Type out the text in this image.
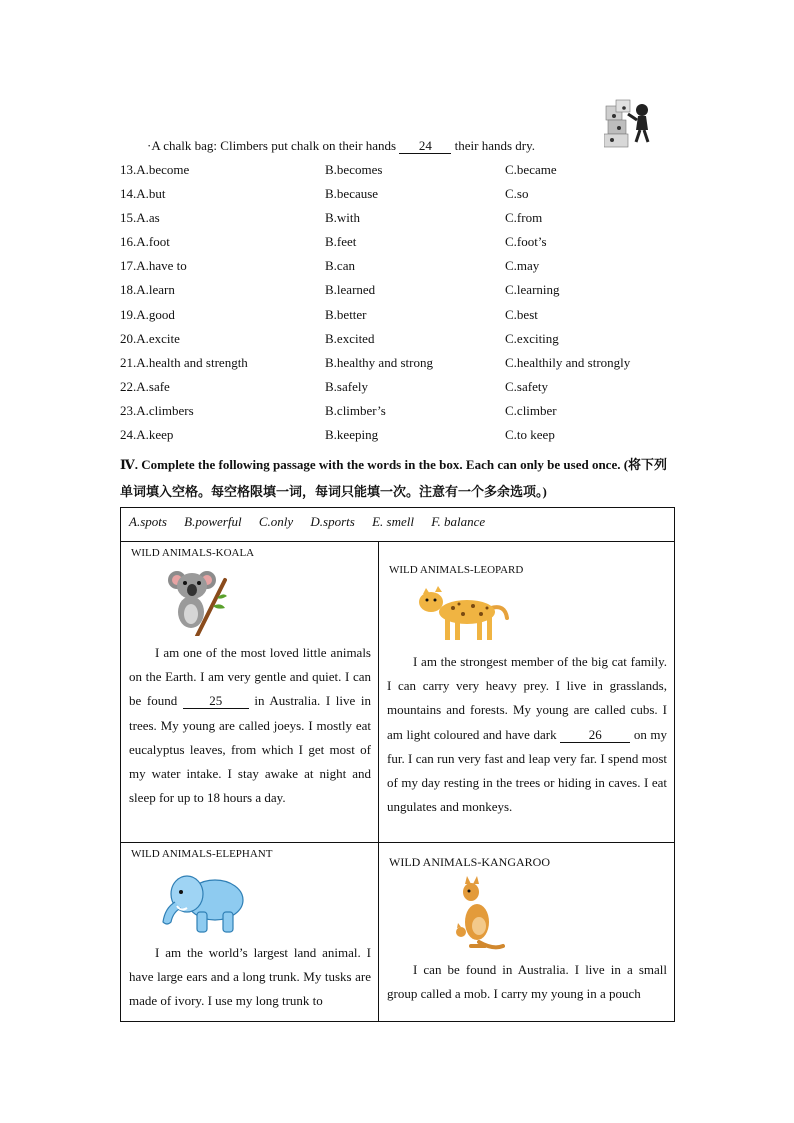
·A chalk bag: Climbers put chalk on their hands 24 their hands dry.
13.A.become	B.becomes	C.became
14.A.but	B.because	C.so
15.A.as	B.with	C.from
16.A.foot	B.feet	C.foot’s
17.A.have to	B.can	C.may
18.A.learn	B.learned	C.learning
19.A.good	B.better	C.best
20.A.excite	B.excited	C.exciting
21.A.health and strength	B.healthy and strong	C.healthily and strongly
22.A.safe	B.safely	C.safety
23.A.climbers	B.climber’s	C.climber
24.A.keep	B.keeping	C.to keep
Ⅳ. Complete the following passage with the words in the box. Each can only be used once. (将下列单词填入空格。每空格限填一词，每词只能填一次。注意有一个多余选项。)
A.spots B.powerful C.only D.sports E. smell F. balance
WILD ANIMALS-KOALA
I am one of the most loved little animals on the Earth. I am very gentle and quiet. I can be found 25 in Australia. I live in trees. My young are called joeys. I mostly eat eucalyptus leaves, from which I get most of my water intake. I stay awake at night and sleep for up to 18 hours a day.
WILD ANIMALS-LEOPARD
I am the strongest member of the big cat family. I can carry very heavy prey. I live in grasslands, mountains and forests. My young are called cubs. I am light coloured and have dark 26 on my fur. I can run very fast and leap very far. I spend most of my day resting in the trees or hiding in caves. I eat ungulates and monkeys.
WILD ANIMALS-ELEPHANT
I am the world’s largest land animal. I have large ears and a long trunk. My tusks are made of ivory. I use my long trunk to
WILD ANIMALS-KANGAROO
I can be found in Australia. I live in a small group called a mob. I carry my young in a pouch
